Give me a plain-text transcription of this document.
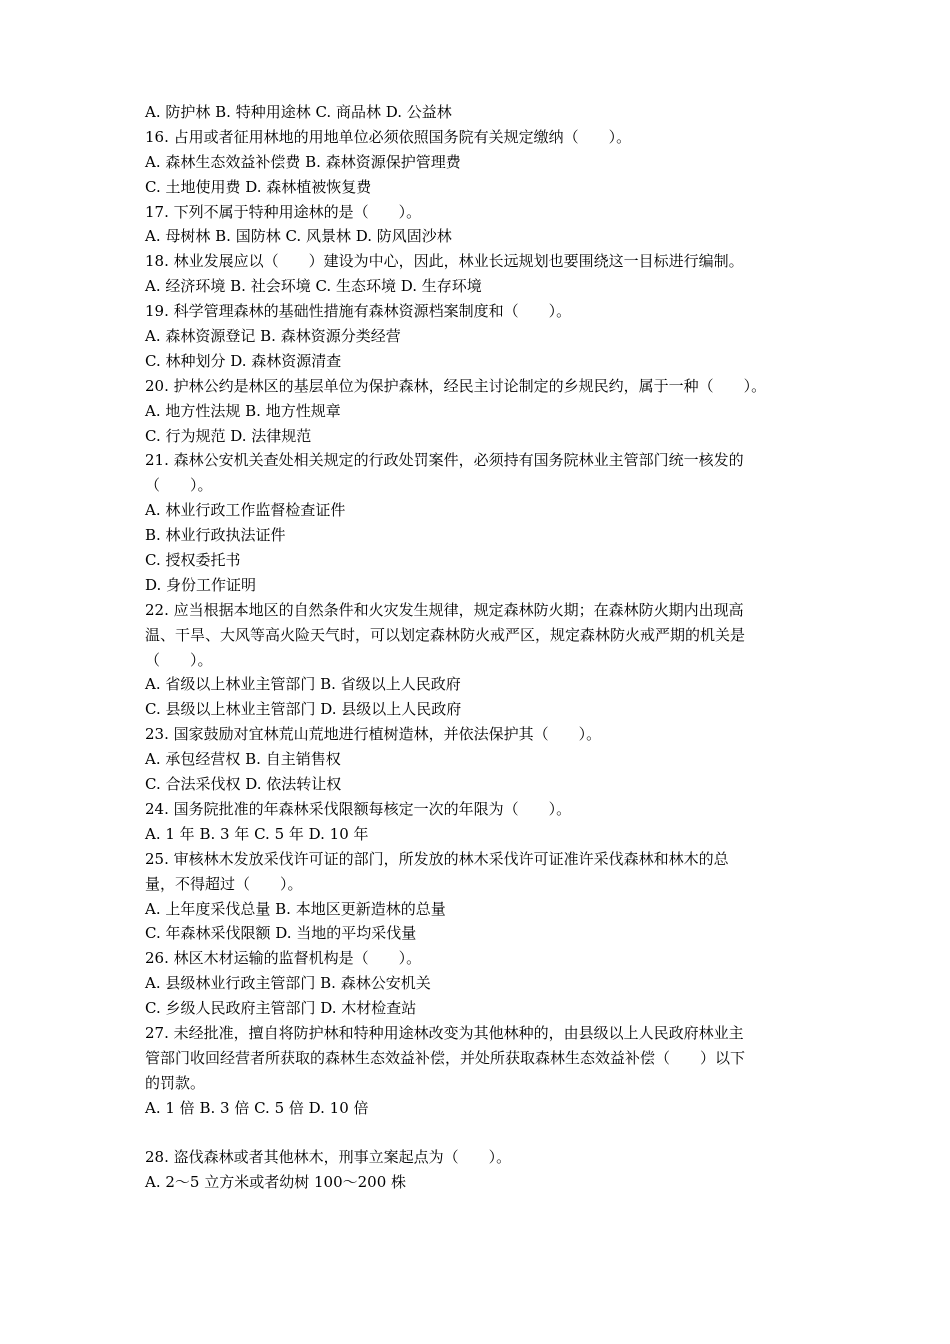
A. 防护林 B. 特种用途林 C. 商品林 D. 公益林
16. 占用或者征用林地的用地单位必须依照国务院有关规定缴纳（　　）。
A. 森林生态效益补偿费 B. 森林资源保护管理费
C. 土地使用费 D. 森林植被恢复费
17. 下列不属于特种用途林的是（　　）。
A. 母树林 B. 国防林 C. 风景林 D. 防风固沙林
18. 林业发展应以（　　）建设为中心，因此，林业长远规划也要围绕这一目标进行编制。
A. 经济环境 B. 社会环境 C. 生态环境 D. 生存环境
19. 科学管理森林的基础性措施有森林资源档案制度和（　　）。
A. 森林资源登记 B. 森林资源分类经营
C. 林种划分 D. 森林资源清查
20. 护林公约是林区的基层单位为保护森林，经民主讨论制定的乡规民约，属于一种（　　）。
A. 地方性法规 B. 地方性规章
C. 行为规范 D. 法律规范
21. 森林公安机关查处相关规定的行政处罚案件，必须持有国务院林业主管部门统一核发的
（　　）。
A. 林业行政工作监督检查证件
B. 林业行政执法证件
C. 授权委托书
D. 身份工作证明
22. 应当根据本地区的自然条件和火灾发生规律，规定森林防火期；在森林防火期内出现高
温、干旱、大风等高火险天气时，可以划定森林防火戒严区，规定森林防火戒严期的机关是
（　　）。
A. 省级以上林业主管部门 B. 省级以上人民政府
C. 县级以上林业主管部门 D. 县级以上人民政府
23. 国家鼓励对宜林荒山荒地进行植树造林，并依法保护其（　　）。
A. 承包经营权 B. 自主销售权
C. 合法采伐权 D. 依法转让权
24. 国务院批准的年森林采伐限额每核定一次的年限为（　　）。
A. 1 年 B. 3 年 C. 5 年 D. 10 年
25. 审核林木发放采伐许可证的部门，所发放的林木采伐许可证准许采伐森林和林木的总
量，不得超过（　　）。
A. 上年度采伐总量 B. 本地区更新造林的总量
C. 年森林采伐限额 D. 当地的平均采伐量
26. 林区木材运输的监督机构是（　　）。
A. 县级林业行政主管部门 B. 森林公安机关
C. 乡级人民政府主管部门 D. 木材检查站
27. 未经批准，擅自将防护林和特种用途林改变为其他林种的，由县级以上人民政府林业主
管部门收回经营者所获取的森林生态效益补偿，并处所获取森林生态效益补偿（　　）以下
的罚款。
A. 1 倍 B. 3 倍 C. 5 倍 D. 10 倍
28. 盗伐森林或者其他林木，刑事立案起点为（　　）。
A. 2～5 立方米或者幼树 100～200 株
